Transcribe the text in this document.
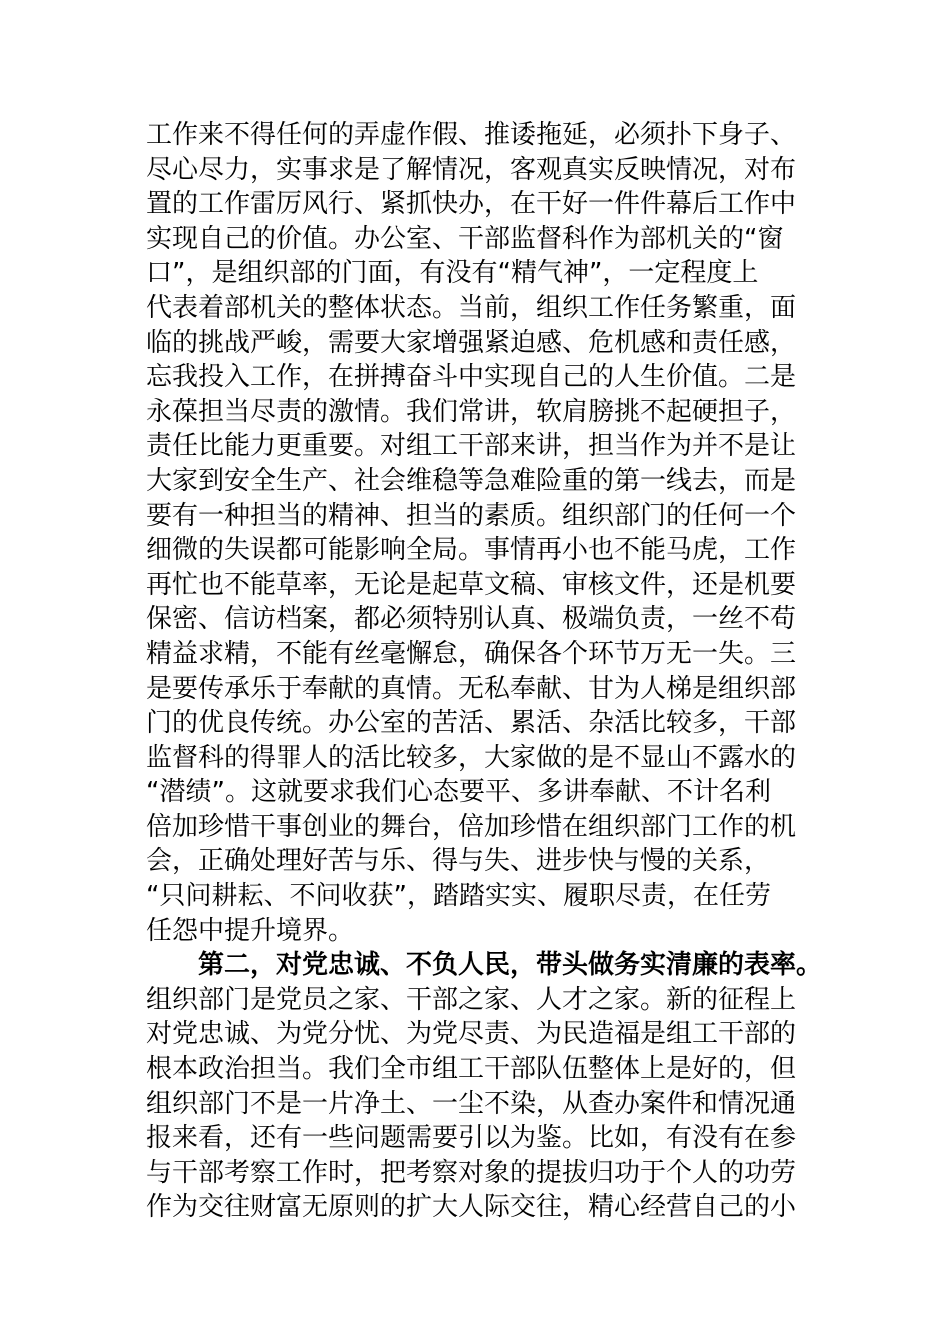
工作来不得任何的弄虚作假、推诿拖延，必须扑下身子、
尽心尽力，实事求是了解情况，客观真实反映情况，对布
置的工作雷厉风行、紧抓快办，在干好一件件幕后工作中
实现自己的价值。办公室、干部监督科作为部机关的“窗
口”，是组织部的门面，有没有“精气神”，一定程度上
代表着部机关的整体状态。当前，组织工作任务繁重，面
临的挑战严峻，需要大家增强紧迫感、危机感和责任感，
忘我投入工作，在拼搏奋斗中实现自己的人生价值。二是
永葆担当尽责的激情。我们常讲，软肩膀挑不起硬担子，
责任比能力更重要。对组工干部来讲，担当作为并不是让
大家到安全生产、社会维稳等急难险重的第一线去，而是
要有一种担当的精神、担当的素质。组织部门的任何一个
细微的失误都可能影响全局。事情再小也不能马虎，工作
再忙也不能草率，无论是起草文稿、审核文件，还是机要
保密、信访档案，都必须特别认真、极端负责，一丝不苟
精益求精，不能有丝毫懈怠，确保各个环节万无一失。三
是要传承乐于奉献的真情。无私奉献、甘为人梯是组织部
门的优良传统。办公室的苦活、累活、杂活比较多，干部
监督科的得罪人的活比较多，大家做的是不显山不露水的
“潜绩”。这就要求我们心态要平、多讲奉献、不计名利
倍加珍惜干事创业的舞台，倍加珍惜在组织部门工作的机
会，正确处理好苦与乐、得与失、进步快与慢的关系，
“只问耕耘、不问收获”，踏踏实实、履职尽责，在任劳
任怨中提升境界。
第二，对党忠诚、不负人民，带头做务实清廉的表率。
组织部门是党员之家、干部之家、人才之家。新的征程上
对党忠诚、为党分忧、为党尽责、为民造福是组工干部的
根本政治担当。我们全市组工干部队伍整体上是好的，但
组织部门不是一片净土、一尘不染，从查办案件和情况通
报来看，还有一些问题需要引以为鉴。比如，有没有在参
与干部考察工作时，把考察对象的提拔归功于个人的功劳
作为交往财富无原则的扩大人际交往，精心经营自己的小
